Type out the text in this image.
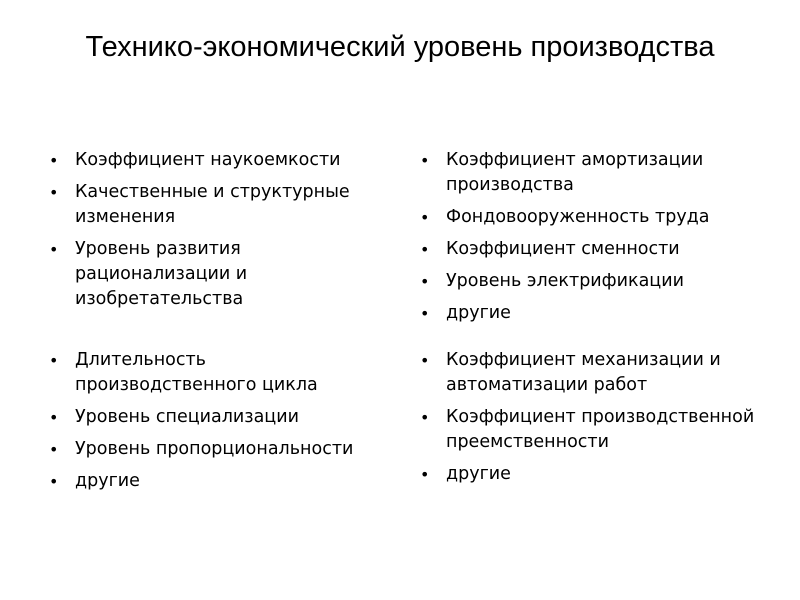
Технико-экономический уровень производства
• Коэффициент наукоемкости
• Качественные и структурные изменения
• Уровень развития рационализации и изобретательства
• Длительность производственного цикла
• Уровень специализации
• Уровень пропорциональности
• другие
• Коэффициент амортизации производства
• Фондовооруженность труда
• Коэффициент сменности
• Уровень электрификации
• другие
• Коэффициент механизации и автоматизации работ
• Коэффициент производственной преемственности
• другие
